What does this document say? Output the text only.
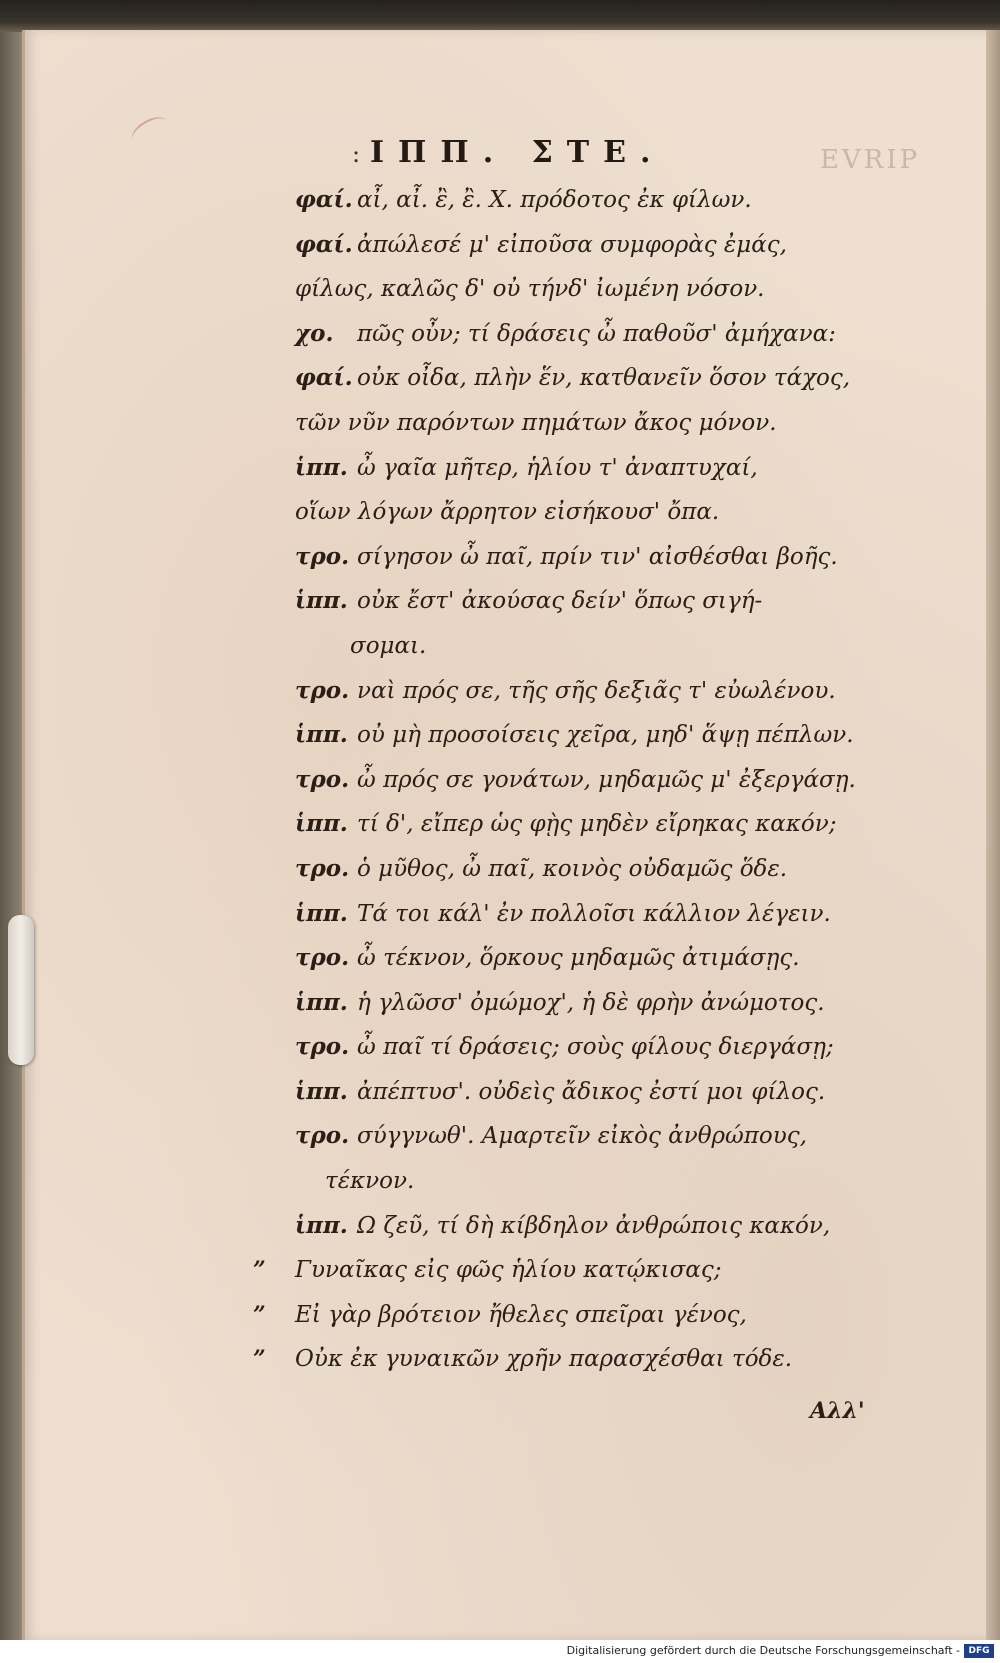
: ΙΠΠ. ΣΤΕ.	EVRIP
φαί. αἶ, αἶ. ἒ, ἒ. Χ. πρόδοτος ἐκ φίλων.
φαί. ἀπώλεσέ μ' εἰποῦσα συμφορὰς ἐμάς,
φίλως, καλῶς δ' οὐ τήνδ' ἰωμένη νόσον.
χο. πῶς οὖν; τί δράσεις ὦ παθοῦσ' ἀμήχανα:
φαί. οὐκ οἶδα, πλὴν ἕν, κατθανεῖν ὅσον τάχος,
τῶν νῦν παρόντων πημάτων ἄκος μόνον.
ἱππ. ὦ γαῖα μῆτερ, ἡλίου τ' ἀναπτυχαί,
οἵων λόγων ἄρρητον εἰσήκουσ' ὄπα.
τρο. σίγησον ὦ παῖ, πρίν τιν' αἰσθέσθαι βοῆς.
ἱππ. οὐκ ἔστ' ἀκούσας δείν' ὅπως σιγή-
σομαι.
τρο. ναὶ πρός σε, τῆς σῆς δεξιᾶς τ' εὐωλένου.
ἱππ. οὐ μὴ προσοίσεις χεῖρα, μηδ' ἅψῃ πέπλων.
τρο. ὦ πρός σε γονάτων, μηδαμῶς μ' ἐξεργάσῃ.
ἱππ. τί δ', εἴπερ ὡς φῂς μηδὲν εἴρηκας κακόν;
τρο. ὁ μῦθος, ὦ παῖ, κοινὸς οὐδαμῶς ὅδε.
ἱππ. Τά τοι κάλ' ἐν πολλοῖσι κάλλιον λέγειν.
τρο. ὦ τέκνον, ὅρκους μηδαμῶς ἀτιμάσῃς.
ἱππ. ἡ γλῶσσ' ὀμώμοχ', ἡ δὲ φρὴν ἀνώμοτος.
τρο. ὦ παῖ τί δράσεις; σοὺς φίλους διεργάσῃ;
ἱππ. ἀπέπτυσ'. οὐδεὶς ἄδικος ἐστί μοι φίλος.
τρο. σύγγνωθ'. Αμαρτεῖν εἰκὸς ἀνθρώπους,
τέκνον.
ἱππ. Ω ζεῦ, τί δὴ κίβδηλον ἀνθρώποις κακόν,
” Γυναῖκας εἰς φῶς ἡλίου κατῴκισας;
” Εἰ γὰρ βρότειον ἤθελες σπεῖραι γένος,
” Οὐκ ἐκ γυναικῶν χρῆν παρασχέσθαι τόδε.
Αλλ'
Digitalisierung gefördert durch die Deutsche Forschungsgemeinschaft - DFG
